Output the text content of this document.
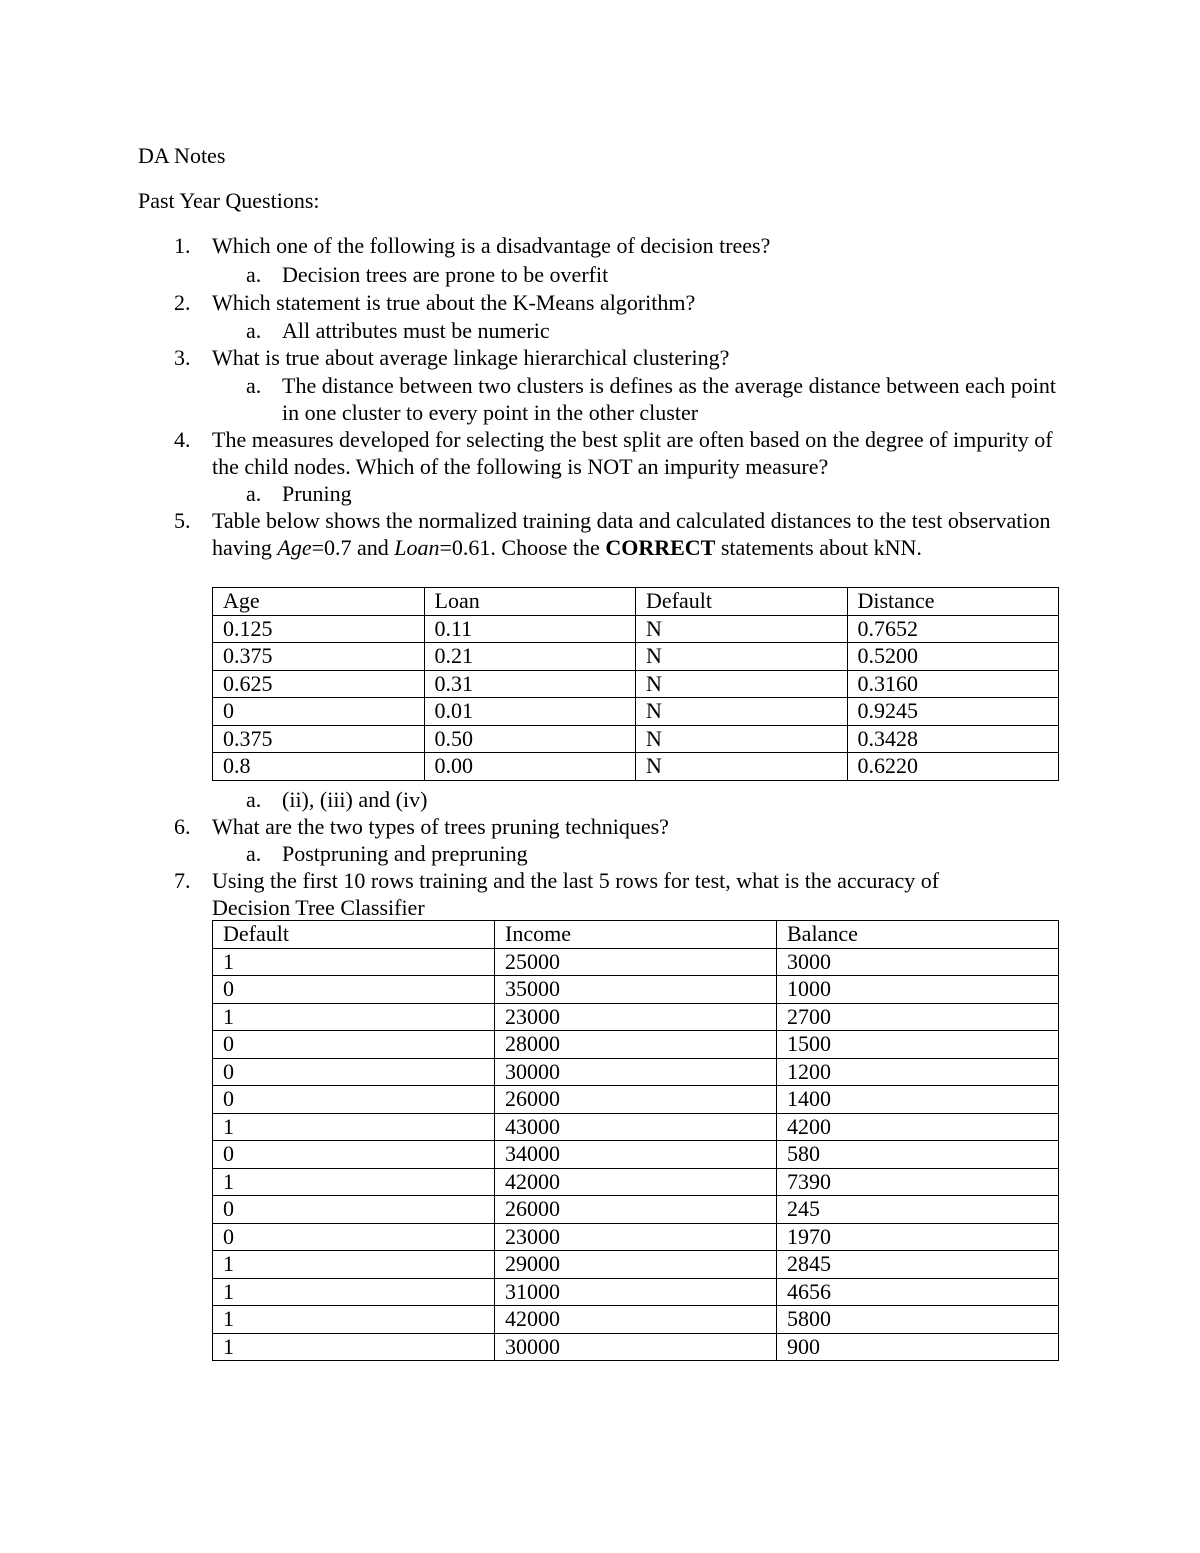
DA Notes

Past Year Questions:

1. Which one of the following is a disadvantage of decision trees?

a. Decision trees are prone to be overfit

2. Which statement is true about the K-Means algorithm?

a. All attributes must be numeric

3. What is true about average linkage hierarchical clustering?

a. The distance between two clusters is defines as the average distance between each point in one cluster to every point in the other cluster

4. The measures developed for selecting the best split are often based on the degree of impurity of the child nodes. Which of the following is NOT an impurity measure?

a. Pruning

5. Table below shows the normalized training data and calculated distances to the test observation having Age=0.7 and Loan=0.61. Choose the CORRECT statements about kNN.

Age	Loan	Default	Distance
0.125	0.11	N	0.7652
0.375	0.21	N	0.5200
0.625	0.31	N	0.3160
0	0.01	N	0.9245
0.375	0.50	N	0.3428
0.8	0.00	N	0.6220

a. (ii), (iii) and (iv)

6. What are the two types of trees pruning techniques?

a. Postpruning and prepruning

7. Using the first 10 rows training and the last 5 rows for test, what is the accuracy of Decision Tree Classifier

Default	Income	Balance
1	25000	3000
0	35000	1000
1	23000	2700
0	28000	1500
0	30000	1200
0	26000	1400
1	43000	4200
0	34000	580
1	42000	7390
0	26000	245
0	23000	1970
1	29000	2845
1	31000	4656
1	42000	5800
1	30000	900
